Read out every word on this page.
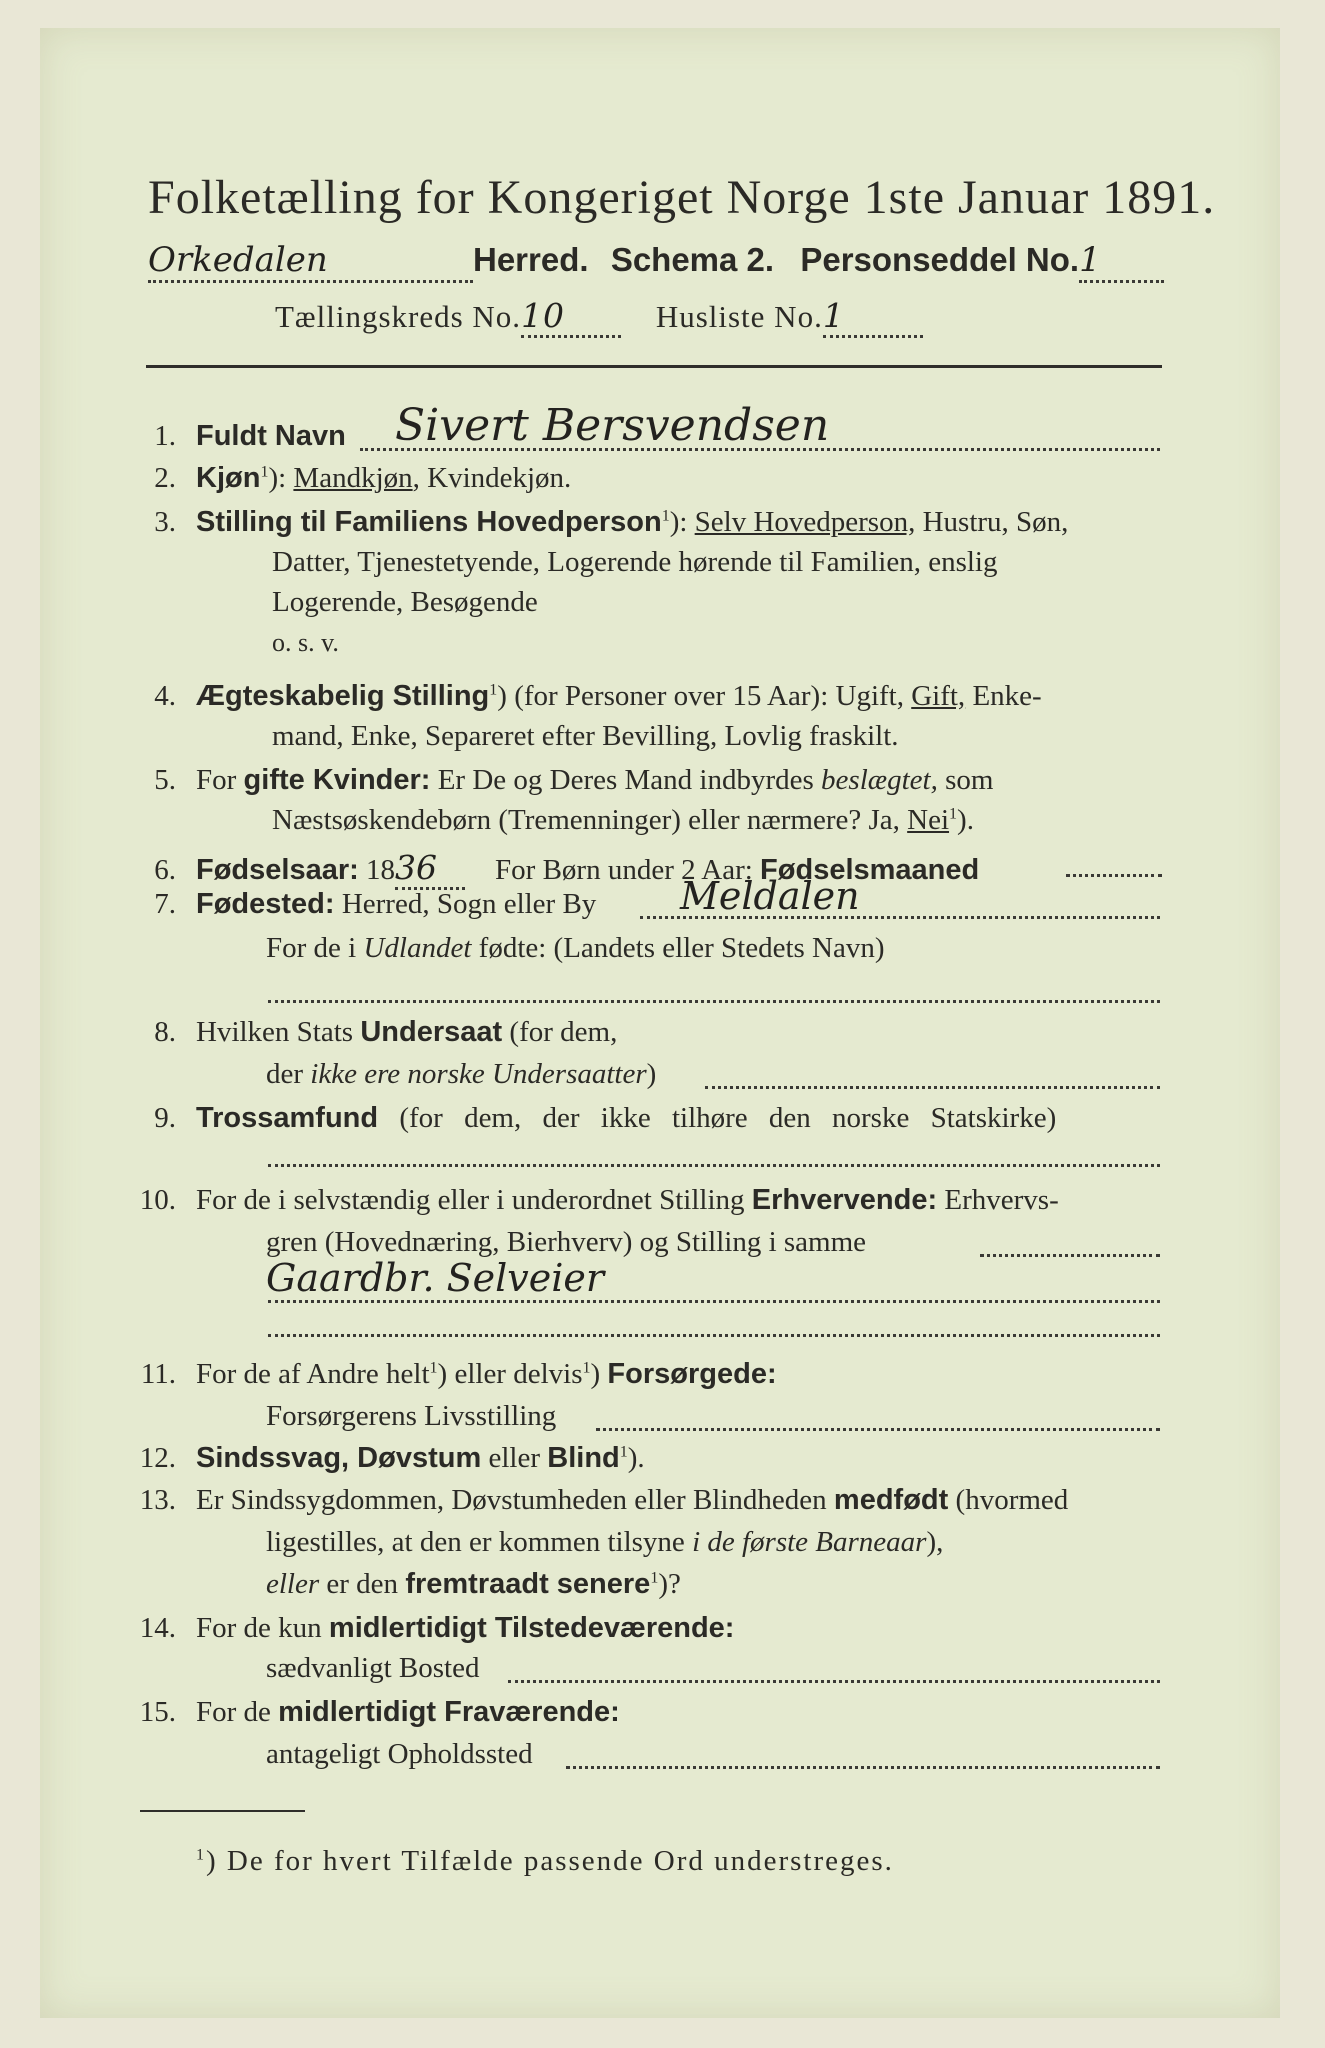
Folketælling for Kongeriget Norge 1ste Januar 1891.
Orkedalen	Herred. Schema 2. Personseddel No.1
Tællingskreds No.10	Husliste No.1
1. Fuldt Navn Sivert Bersvendsen
2. Kjøn$^1$): Mandkjøn, Kvindekjøn.
3. Stilling til Familiens Hovedperson$^1$): Selv Hovedperson, Hustru, Søn,
Datter, Tjenestetyende, Logerende hørende til Familien, enslig
Logerende, Besøgende
o. s. v.
4. Ægteskabelig Stilling$^1$) (for Personer over 15 Aar): Ugift, Gift, Enke-
mand, Enke, Separeret efter Bevilling, Lovlig fraskilt.
5. For gifte Kvinder: Er De og Deres Mand indbyrdes beslægtet, som
Næstsøskendebørn (Tremenninger) eller nærmere? Ja, Nei$^1$).
6. Fødselsaar: 1836 For Børn under 2 Aar: Fødselsmaaned
7. Fødested: Herred, Sogn eller By Meldalen
For de i Udlandet fødte: (Landets eller Stedets Navn)
8. Hvilken Stats Undersaat (for dem,
der ikke ere norske Undersaatter)
9. Trossamfund (for dem, der ikke tilhøre den norske Statskirke)
10. For de i selvstændig eller i underordnet Stilling Erhvervende: Erhvervs-
gren (Hovednæring, Bierhverv) og Stilling i samme
Gaardbr. Selveier
11. For de af Andre helt$^1$) eller delvis$^1$) Forsørgede:
Forsørgerens Livsstilling
12. Sindssvag, Døvstum eller Blind$^1$).
13. Er Sindssygdommen, Døvstumheden eller Blindheden medfødt (hvormed
ligestilles, at den er kommen tilsyne i de første Barneaar),
eller er den fremtraadt senere$^1$)?
14. For de kun midlertidigt Tilstedeværende:
sædvanligt Bosted
15. For de midlertidigt Fraværende:
antageligt Opholdssted
$^1$) De for hvert Tilfælde passende Ord understreges.
